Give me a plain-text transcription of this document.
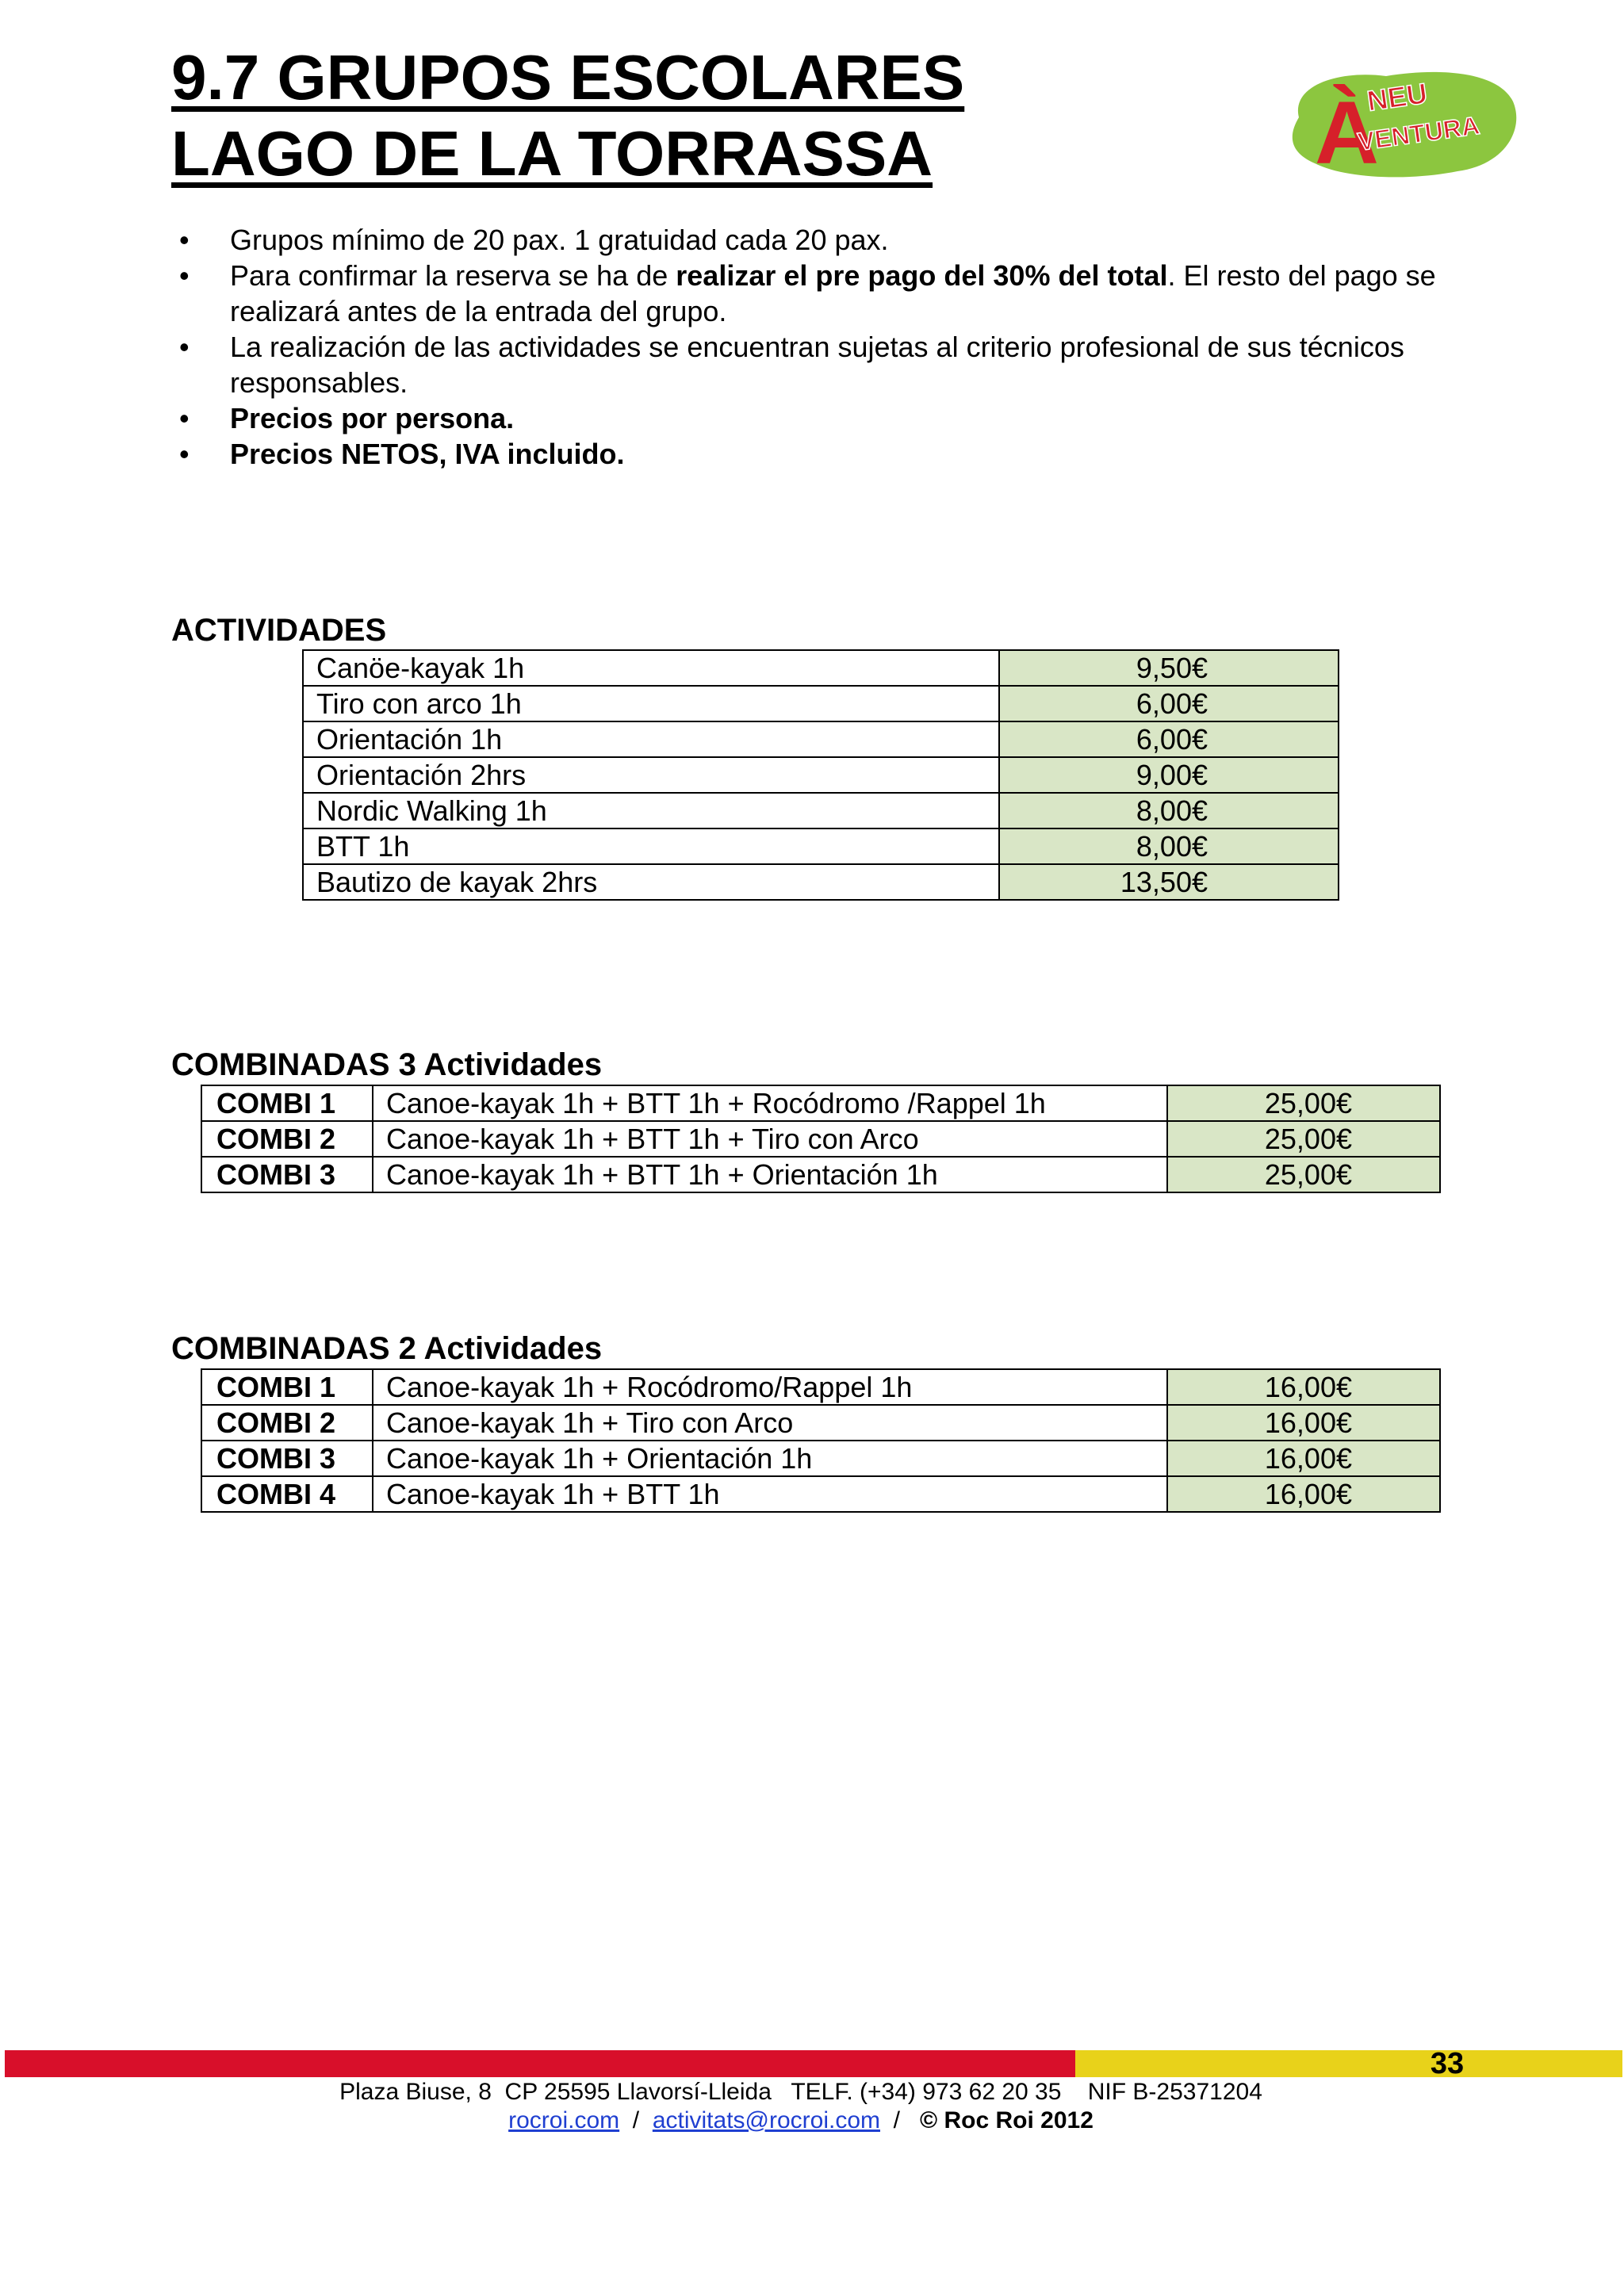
9.7 GRUPOS ESCOLARES
LAGO DE LA TORRASSA	À
NEU
VENTURA
• Grupos mínimo de 20 pax. 1 gratuidad cada 20 pax.
• Para confirmar la reserva se ha de realizar el pre pago del 30% del total. El resto del pago se realizará antes de la entrada del grupo.
• La realización de las actividades se encuentran sujetas al criterio profesional de sus técnicos responsables.
• Precios por persona.
• Precios NETOS, IVA incluido.
ACTIVIDADES
Canöe-kayak 1h	9,50€
Tiro con arco 1h	6,00€
Orientación 1h	6,00€
Orientación 2hrs	9,00€
Nordic Walking 1h	8,00€
BTT 1h	8,00€
Bautizo de kayak 2hrs	13,50€
COMBINADAS 3 Actividades
COMBI 1	Canoe-kayak 1h + BTT 1h + Rocódromo /Rappel 1h	25,00€
COMBI 2	Canoe-kayak 1h + BTT 1h + Tiro con Arco	25,00€
COMBI 3	Canoe-kayak 1h + BTT 1h + Orientación 1h	25,00€
COMBINADAS 2 Actividades
COMBI 1	Canoe-kayak 1h + Rocódromo/Rappel 1h	16,00€
COMBI 2	Canoe-kayak 1h + Tiro con Arco	16,00€
COMBI 3	Canoe-kayak 1h + Orientación 1h	16,00€
COMBI 4	Canoe-kayak 1h + BTT 1h	16,00€
33
Plaza Biuse, 8  CP 25595 Llavorsí-Lleida   TELF. (+34) 973 62 20 35    NIF B-25371204
rocroi.com  /  activitats@rocroi.com  /   © Roc Roi 2012
